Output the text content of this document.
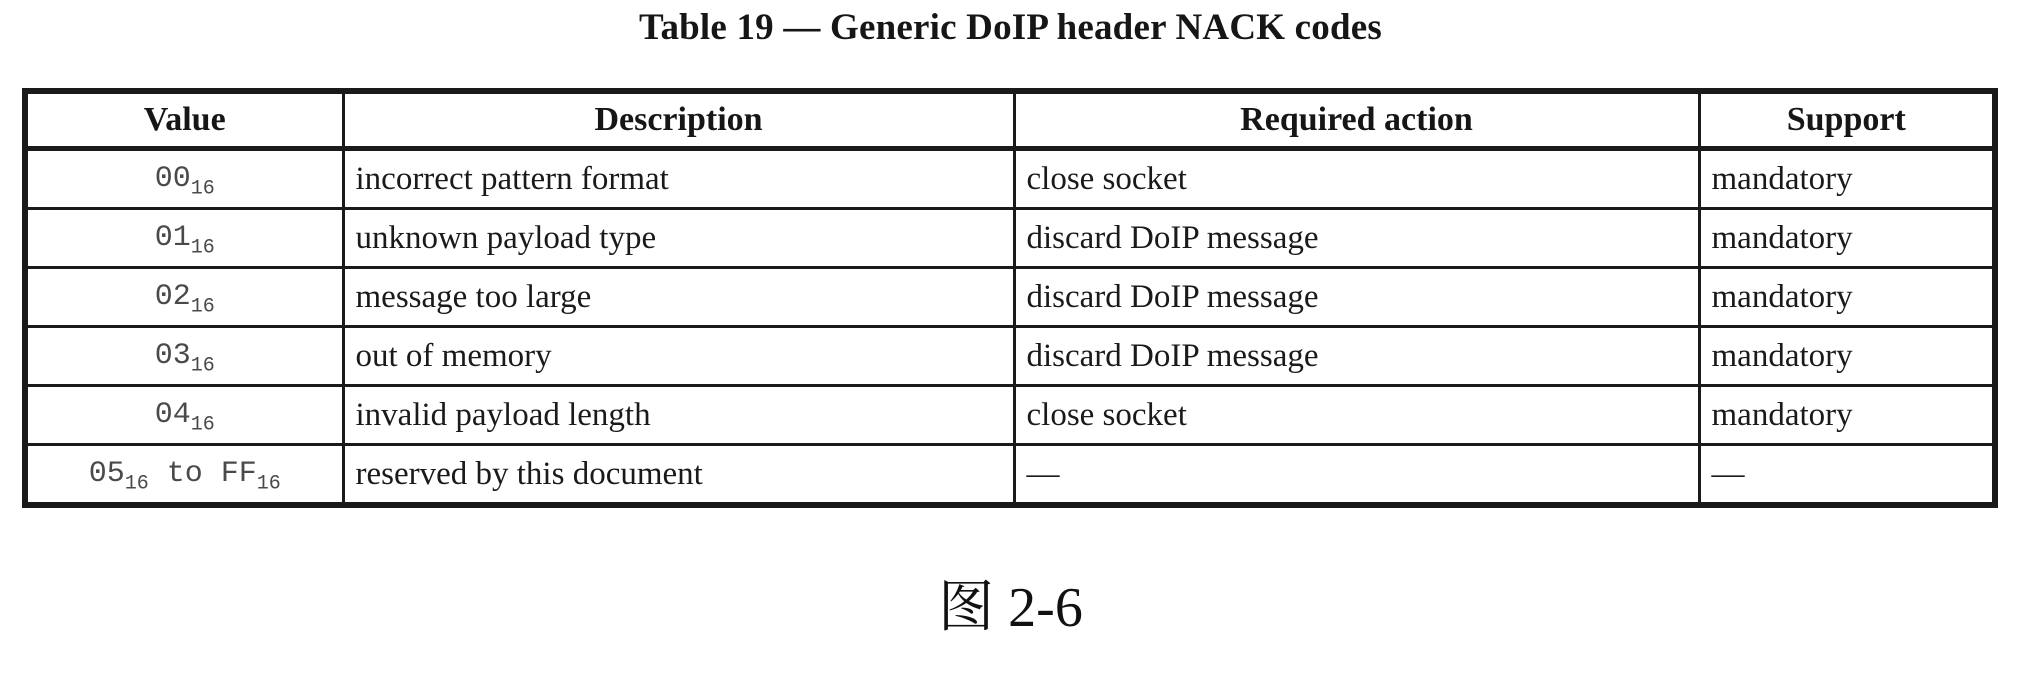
Table 19 — Generic DoIP header NACK codes
Value	Description	Required action	Support
$00_{16}$	incorrect pattern format	close socket	mandatory
$01_{16}$	unknown payload type	discard DoIP message	mandatory
$02_{16}$	message too large	discard DoIP message	mandatory
$03_{16}$	out of memory	discard DoIP message	mandatory
$04_{16}$	invalid payload length	close socket	mandatory
$05_{16}$ to $FF_{16}$	reserved by this document	—	—
图 2-6
